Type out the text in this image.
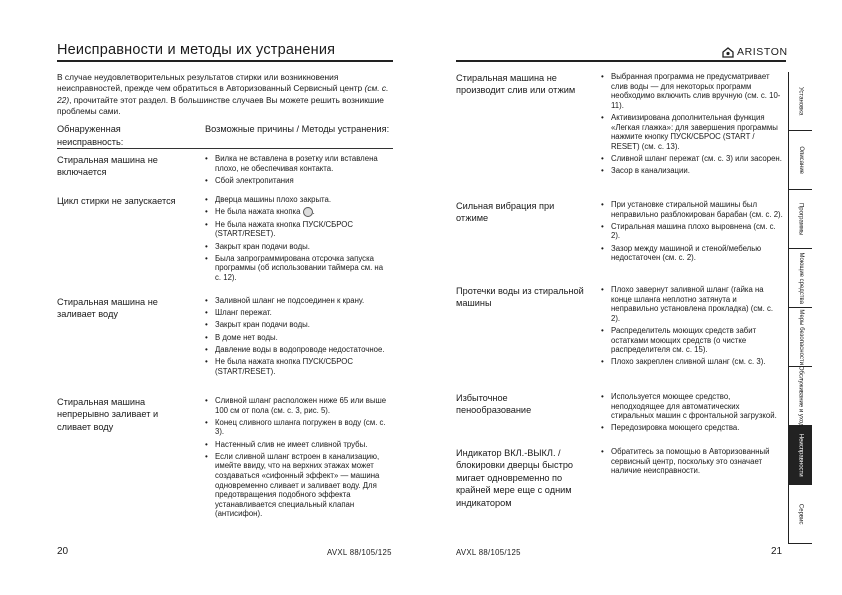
Неисправности и методы их устранения	ARISTON
В случае неудовлетворительных результатов стирки или возникновения неисправностей, прежде чем обратиться в Авторизованный Сервисный центр (см. с. 22), прочитайте этот раздел. В большинстве случаев Вы можете решить возникшие проблемы сами.
Обнаруженная неисправность:
Возможные причины / Методы устранения:
Стиральная машина не включается
• Вилка не вставлена в розетку или вставлена плохо, не обеспечивая контакта.
• Сбой электропитания
Цикл стирки не запускается
•	Дверца машины плохо закрыта.
• Не была нажата кнопка .
• Не была нажата кнопка ПУСК/СБРОС (START/RESET).
• Закрыт кран подачи воды.
• Была запрограммирована отсрочка запуска программы (об использовании таймера см. на с. 12).
Стиральная машина не заливает воду
• Заливной шланг не подсоединен к крану.
• Шланг пережат.
• Закрыт кран подачи воды.
• В доме нет воды.
• Давление воды в водопроводе недостаточное.
• Не была нажата кнопка ПУСК/СБРОС (START/RESET).
Стиральная машина непрерывно заливает и сливает воду
• Сливной шланг расположен ниже 65 или выше 100 см от пола (см. с. 3, рис. 5).
• Конец сливного шланга погружен в воду (см. с. 3).
• Настенный слив не имеет сливной трубы.
• Если сливной шланг встроен в канализацию, имейте ввиду, что на верхних этажах может создаваться «сифонный эффект» — машина одновременно сливает и заливает воду. Для предотвращения подобного эффекта устанавливается специальный клапан (антисифон).
20	AVXL 88/105/125
Стиральная машина не производит слив или отжим
• Выбранная программа не предусматривает слив воды — для некоторых программ необходимо включить слив вручную (см. с. 10-11).
• Активизирована дополнительная функция «Легкая глажка»: для завершения программы нажмите кнопку ПУСК/СБРОС (START / RESET) (см. с. 13).
• Сливной шланг пережат (см. с. 3) или засорен.
• Засор в канализации.
Сильная вибрация при отжиме
• При установке стиральной машины был неправильно разблокирован барабан (см. с. 2).
• Стиральная машина плохо выровнена (см. с. 2).
• Зазор между машиной и стеной/мебелью недостаточен (см. с. 2).
Протечки воды из стиральной машины
• Плохо завернут заливной шланг (гайка на конце шланга неплотно затянута и неправильно установлена прокладка) (см. с. 2).
• Распределитель моющих средств забит остатками моющих средств (о чистке распределителя см. с. 15).
• Плохо закреплен сливной шланг (см. с. 3).
Избыточное пенообразование
• Используется моющее средство, неподходящее для автоматических стиральных машин с фронтальной загрузкой.
• Передозировка моющего средства.
Индикатор ВКЛ.-ВЫКЛ. / блокировки дверцы быстро мигает одновременно по крайней мере еще с одним индикатором
• Обратитесь за помощью в Авторизованный сервисный центр, поскольку это означает наличие неисправности.
AVXL 88/105/125	21
Установка
Описание
Программы
Моющие средства
Меры безопасности
Обслуживание и уход
Неисправности
Сервис
